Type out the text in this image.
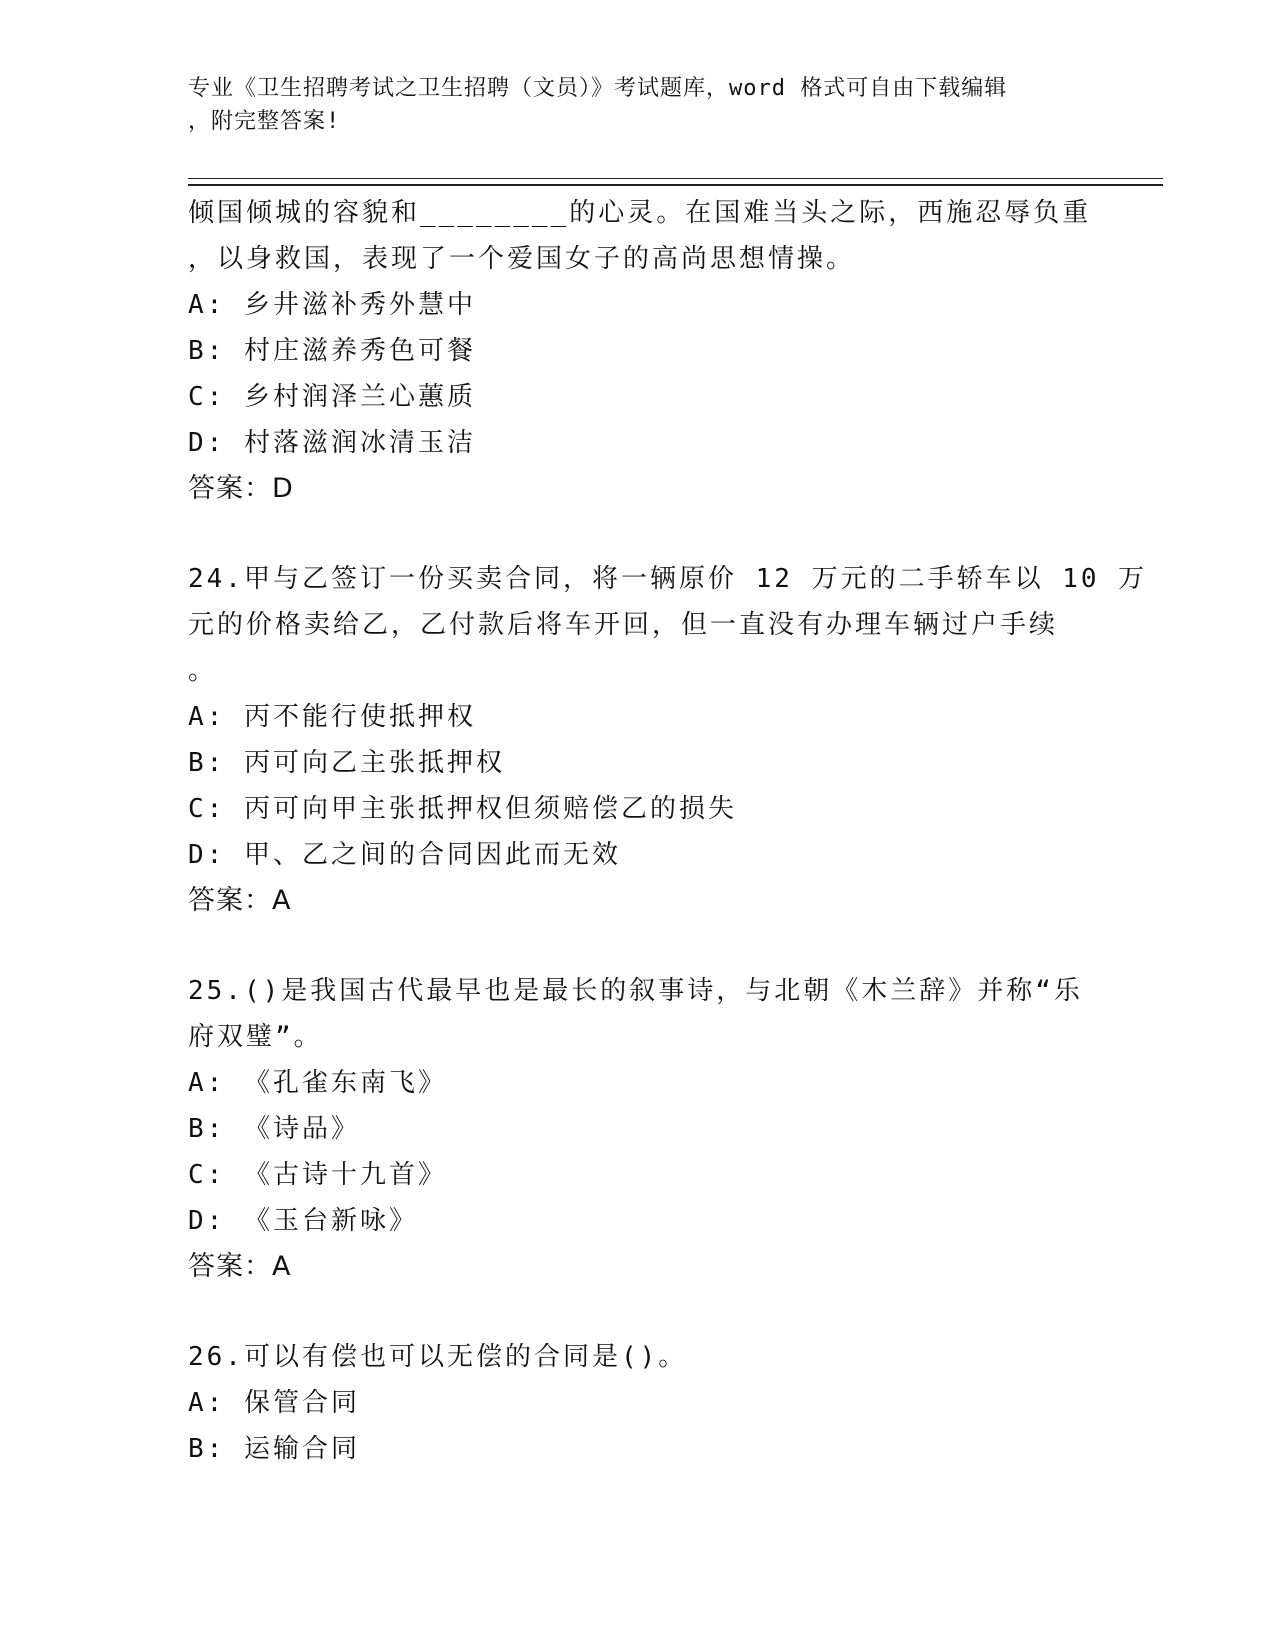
专业《卫生招聘考试之卫生招聘（文员）》考试题库，word 格式可自由下载编辑
，附完整答案!
倾国倾城的容貌和________的心灵。在国难当头之际，西施忍辱负重
，以身救国，表现了一个爱国女子的高尚思想情操。
A: 乡井滋补秀外慧中
B: 村庄滋养秀色可餐
C: 乡村润泽兰心蕙质
D: 村落滋润冰清玉洁
答案：D
24.甲与乙签订一份买卖合同，将一辆原价 12 万元的二手轿车以 10 万
元的价格卖给乙，乙付款后将车开回，但一直没有办理车辆过户手续
。
A: 丙不能行使抵押权
B: 丙可向乙主张抵押权
C: 丙可向甲主张抵押权但须赔偿乙的损失
D: 甲、乙之间的合同因此而无效
答案：A
25.()是我国古代最早也是最长的叙事诗，与北朝《木兰辞》并称“乐
府双璧”。
A: 《孔雀东南飞》
B: 《诗品》
C: 《古诗十九首》
D: 《玉台新咏》
答案：A
26.可以有偿也可以无偿的合同是()。
A: 保管合同
B: 运输合同
